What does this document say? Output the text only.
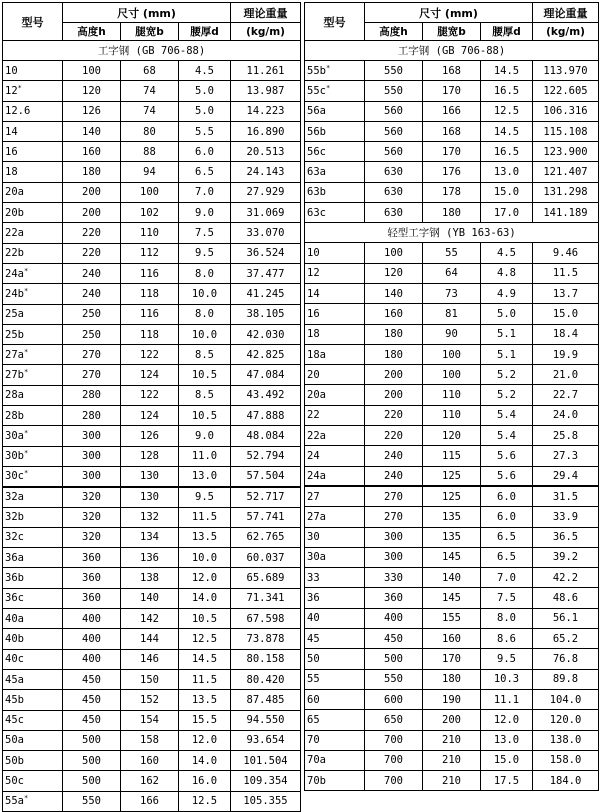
型号	尺寸 (mm)			理论重量
	高度h	腿宽b	腰厚d	(kg/m)
工字钢 (GB 706-88)				
10	100	68	4.5	11.261
12*	120	74	5.0	13.987
12.6	126	74	5.0	14.223
14	140	80	5.5	16.890
16	160	88	6.0	20.513
18	180	94	6.5	24.143
20a	200	100	7.0	27.929
20b	200	102	9.0	31.069
22a	220	110	7.5	33.070
22b	220	112	9.5	36.524
24a*	240	116	8.0	37.477
24b*	240	118	10.0	41.245
25a	250	116	8.0	38.105
25b	250	118	10.0	42.030
27a*	270	122	8.5	42.825
27b*	270	124	10.5	47.084
28a	280	122	8.5	43.492
28b	280	124	10.5	47.888
30a*	300	126	9.0	48.084
30b*	300	128	11.0	52.794
30c*	300	130	13.0	57.504
32a	320	130	9.5	52.717
32b	320	132	11.5	57.741
32c	320	134	13.5	62.765
36a	360	136	10.0	60.037
36b	360	138	12.0	65.689
36c	360	140	14.0	71.341
40a	400	142	10.5	67.598
40b	400	144	12.5	73.878
40c	400	146	14.5	80.158
45a	450	150	11.5	80.420
45b	450	152	13.5	87.485
45c	450	154	15.5	94.550
50a	500	158	12.0	93.654
50b	500	160	14.0	101.504
50c	500	162	16.0	109.354
55a*	550	166	12.5	105.355
型号	尺寸 (mm)			理论重量
	高度h	腿宽b	腰厚d	(kg/m)
工字钢 (GB 706-88)				
55b*	550	168	14.5	113.970
55c*	550	170	16.5	122.605
56a	560	166	12.5	106.316
56b	560	168	14.5	115.108
56c	560	170	16.5	123.900
63a	630	176	13.0	121.407
63b	630	178	15.0	131.298
63c	630	180	17.0	141.189
轻型工字钢 (YB 163-63)				
10	100	55	4.5	9.46
12	120	64	4.8	11.5
14	140	73	4.9	13.7
16	160	81	5.0	15.0
18	180	90	5.1	18.4
18a	180	100	5.1	19.9
20	200	100	5.2	21.0
20a	200	110	5.2	22.7
22	220	110	5.4	24.0
22a	220	120	5.4	25.8
24	240	115	5.6	27.3
24a	240	125	5.6	29.4
27	270	125	6.0	31.5
27a	270	135	6.0	33.9
30	300	135	6.5	36.5
30a	300	145	6.5	39.2
33	330	140	7.0	42.2
36	360	145	7.5	48.6
40	400	155	8.0	56.1
45	450	160	8.6	65.2
50	500	170	9.5	76.8
55	550	180	10.3	89.8
60	600	190	11.1	104.0
65	650	200	12.0	120.0
70	700	210	13.0	138.0
70a	700	210	15.0	158.0
70b	700	210	17.5	184.0
